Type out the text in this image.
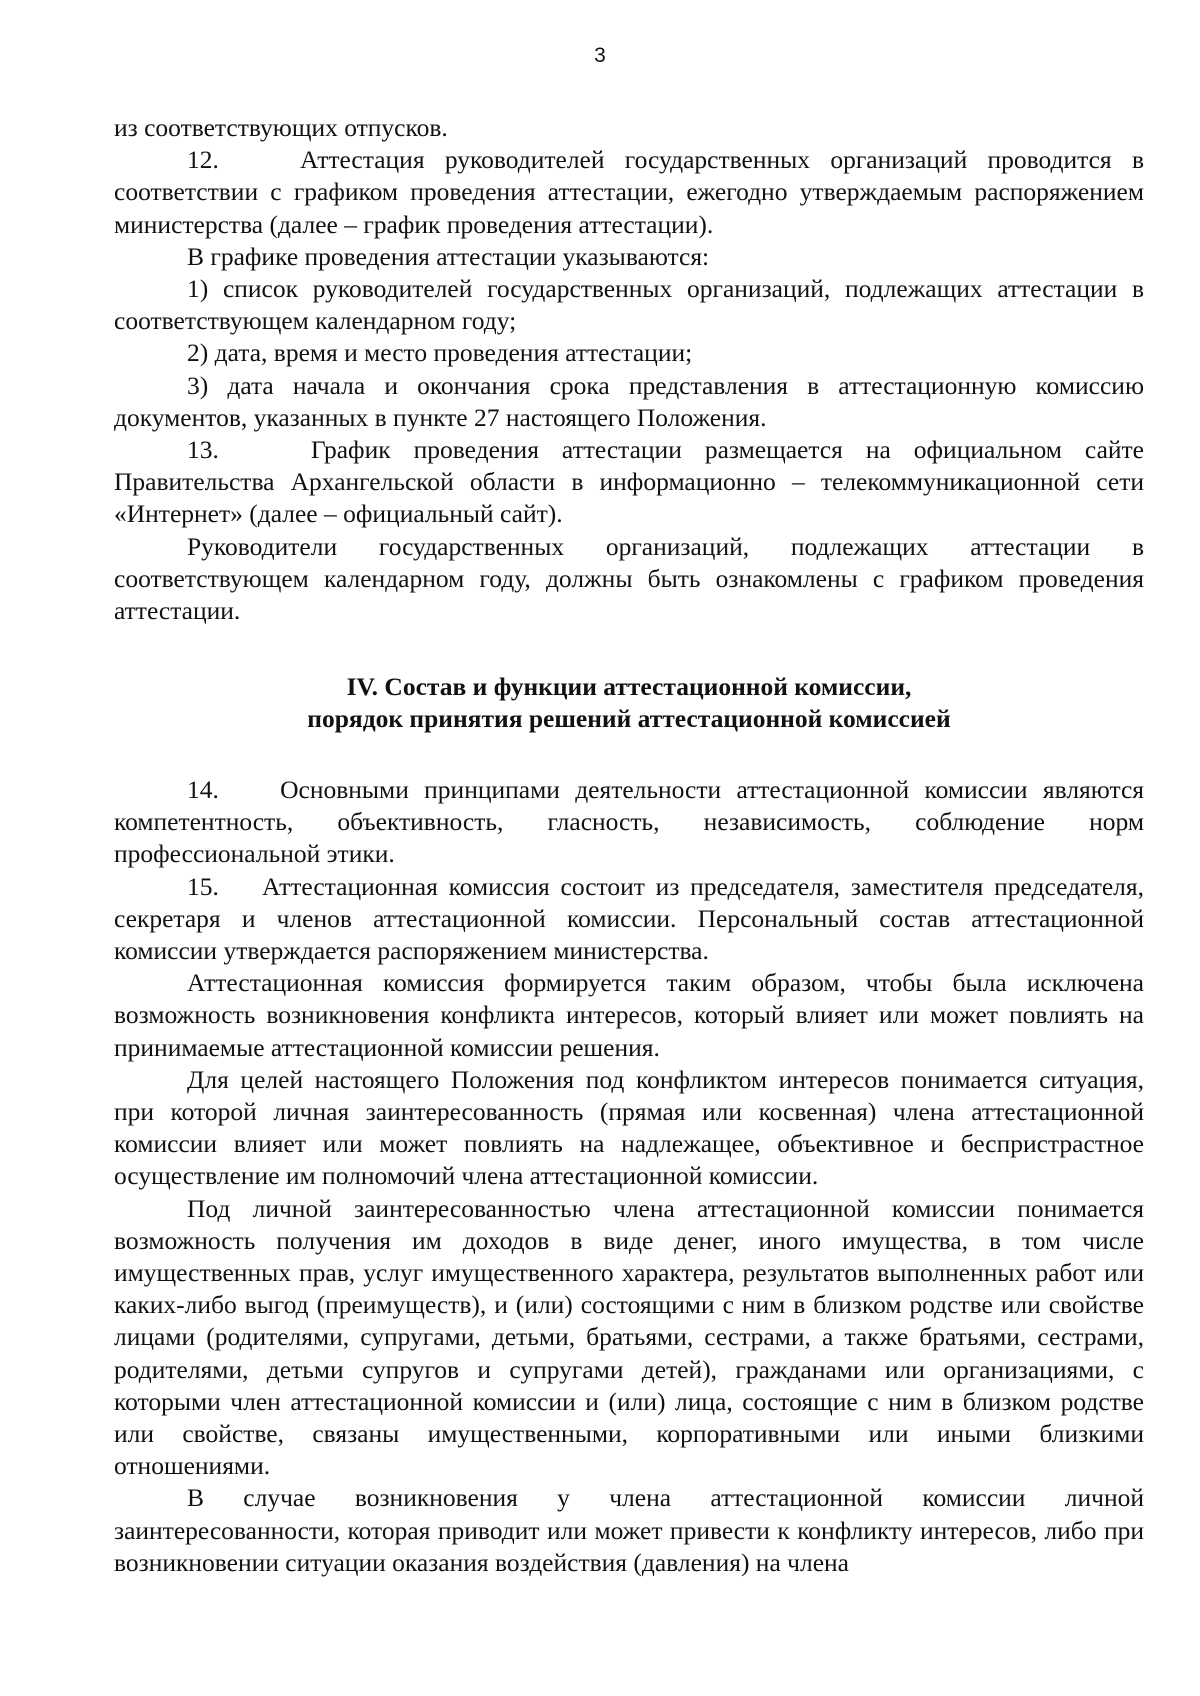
3

из соответствующих отпусков.

12.    Аттестация руководителей государственных организаций проводится в соответствии с графиком проведения аттестации, ежегодно утверждаемым распоряжением министерства (далее – график проведения аттестации).

В графике проведения аттестации указываются:

1) список руководителей государственных организаций, подлежащих аттестации в соответствующем календарном году;

2) дата, время и место проведения аттестации;

3) дата начала и окончания срока представления в аттестационную комиссию документов, указанных в пункте 27 настоящего Положения.

13.    График проведения аттестации размещается на официальном сайте Правительства Архангельской области в информационно – телекоммуникационной сети «Интернет» (далее – официальный сайт).

Руководители государственных организаций, подлежащих аттестации в соответствующем календарном году, должны быть ознакомлены с графиком проведения аттестации.

IV. Состав и функции аттестационной комиссии,
порядок принятия решений аттестационной комиссией

14.    Основными принципами деятельности аттестационной комиссии являются компетентность, объективность, гласность, независимость, соблюдение норм профессиональной этики.

15.    Аттестационная комиссия состоит из председателя, заместителя председателя, секретаря и членов аттестационной комиссии. Персональный состав аттестационной комиссии утверждается распоряжением министерства.

Аттестационная комиссия формируется таким образом, чтобы была исключена возможность возникновения конфликта интересов, который влияет или может повлиять на принимаемые аттестационной комиссии решения.

Для целей настоящего Положения под конфликтом интересов понимается ситуация, при которой личная заинтересованность (прямая или косвенная) члена аттестационной комиссии влияет или может повлиять на надлежащее, объективное и беспристрастное осуществление им полномочий члена аттестационной комиссии.

Под личной заинтересованностью члена аттестационной комиссии понимается возможность получения им доходов в виде денег, иного имущества, в том числе имущественных прав, услуг имущественного характера, результатов выполненных работ или каких-либо выгод (преимуществ), и (или) состоящими с ним в близком родстве или свойстве лицами (родителями, супругами, детьми, братьями, сестрами, а также братьями, сестрами, родителями, детьми супругов и супругами детей), гражданами или организациями, с которыми член аттестационной комиссии и (или) лица, состоящие с ним в близком родстве или свойстве, связаны имущественными, корпоративными или иными близкими отношениями.

В случае возникновения у члена аттестационной комиссии личной заинтересованности, которая приводит или может привести к конфликту интересов, либо при возникновении ситуации оказания воздействия (давления) на члена
